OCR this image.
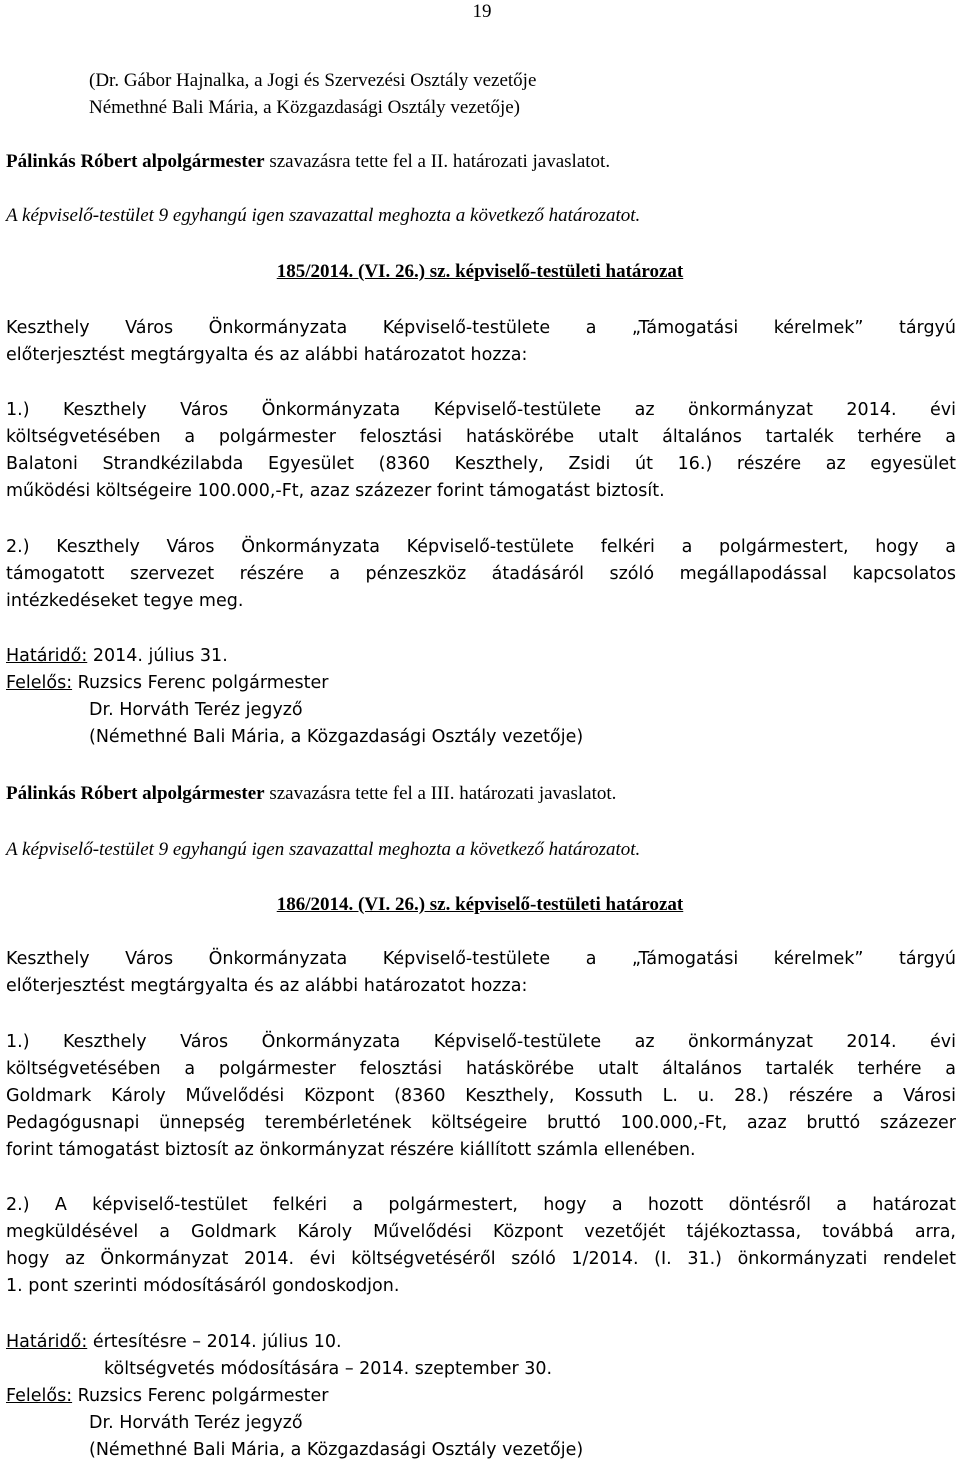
19
(Dr. Gábor Hajnalka, a Jogi és Szervezési Osztály vezetője
Némethné Bali Mária, a Közgazdasági Osztály vezetője)
Pálinkás Róbert alpolgármester szavazásra tette fel a II. határozati javaslatot.
A képviselő-testület 9 egyhangú igen szavazattal meghozta a következő határozatot.
185/2014. (VI. 26.) sz. képviselő-testületi határozat
Keszthely Város Önkormányzata Képviselő-testülete a „Támogatási kérelmek” tárgyú
előterjesztést megtárgyalta és az alábbi határozatot hozza:
1.) Keszthely Város Önkormányzata Képviselő-testülete az önkormányzat 2014. évi
költségvetésében a polgármester felosztási hatáskörébe utalt általános tartalék terhére a
Balatoni Strandkézilabda Egyesület (8360 Keszthely, Zsidi út 16.) részére az egyesület
működési költségeire 100.000,-Ft, azaz százezer forint támogatást biztosít.
2.) Keszthely Város Önkormányzata Képviselő-testülete felkéri a polgármestert, hogy a
támogatott szervezet részére a pénzeszköz átadásáról szóló megállapodással kapcsolatos
intézkedéseket tegye meg.
Határidő: 2014. július 31.
Felelős: Ruzsics Ferenc polgármester
Dr. Horváth Teréz jegyző
(Némethné Bali Mária, a Közgazdasági Osztály vezetője)
Pálinkás Róbert alpolgármester szavazásra tette fel a III. határozati javaslatot.
A képviselő-testület 9 egyhangú igen szavazattal meghozta a következő határozatot.
186/2014. (VI. 26.) sz. képviselő-testületi határozat
Keszthely Város Önkormányzata Képviselő-testülete a „Támogatási kérelmek” tárgyú
előterjesztést megtárgyalta és az alábbi határozatot hozza:
1.) Keszthely Város Önkormányzata Képviselő-testülete az önkormányzat 2014. évi
költségvetésében a polgármester felosztási hatáskörébe utalt általános tartalék terhére a
Goldmark Károly Művelődési Központ (8360 Keszthely, Kossuth L. u. 28.) részére a Városi
Pedagógusnapi ünnepség terembérletének költségeire bruttó 100.000,-Ft, azaz bruttó százezer
forint támogatást biztosít az önkormányzat részére kiállított számla ellenében.
2.) A képviselő-testület felkéri a polgármestert, hogy a hozott döntésről a határozat
megküldésével a Goldmark Károly Művelődési Központ vezetőjét tájékoztassa, továbbá arra,
hogy az Önkormányzat 2014. évi költségvetéséről szóló 1/2014. (I. 31.) önkormányzati rendelet
1. pont szerinti módosításáról gondoskodjon.
Határidő: értesítésre – 2014. július 10.
költségvetés módosítására – 2014. szeptember 30.
Felelős: Ruzsics Ferenc polgármester
Dr. Horváth Teréz jegyző
(Némethné Bali Mária, a Közgazdasági Osztály vezetője)
